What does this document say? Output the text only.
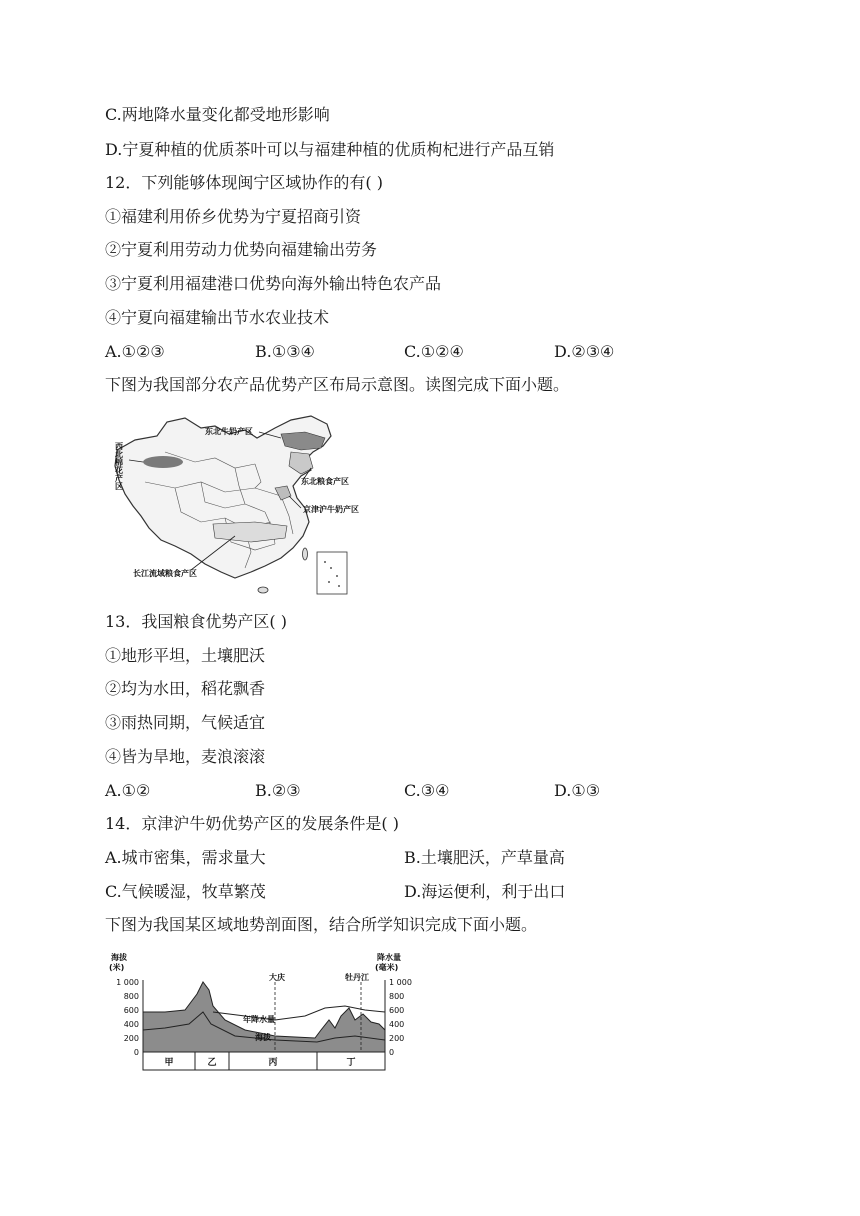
C.两地降水量变化都受地形影响
D.宁夏种植的优质茶叶可以与福建种植的优质枸杞进行产品互销
12．下列能够体现闽宁区域协作的有( )
①福建利用侨乡优势为宁夏招商引资
②宁夏利用劳动力优势向福建输出劳务
③宁夏利用福建港口优势向海外输出特色农产品
④宁夏向福建输出节水农业技术
A.①②③	B.①③④	C.①②④	D.②③④
下图为我国部分农产品优势产区布局示意图。读图完成下面小题。
东北牛奶产区
东北粮食产区
京津沪牛奶产区
长江流域粮食产区
西北棉花产区
13．我国粮食优势产区( )
①地形平坦，土壤肥沃
②均为水田，稻花飘香
③雨热同期，气候适宜
④皆为旱地，麦浪滚滚
A.①②	B.②③	C.③④	D.①③
14．京津沪牛奶优势产区的发展条件是( )
A.城市密集，需求量大	B.土壤肥沃，产草量高
C.气候暖湿，牧草繁茂	D.海运便利，利于出口
下图为我国某区域地势剖面图，结合所学知识完成下面小题。
海拔
(米)
降水量
(毫米)
1 000
800
600
400
200
0
1 000
800
600
400
200
0
大庆	牡丹江
年降水量
海拔
甲	乙	丙	丁
